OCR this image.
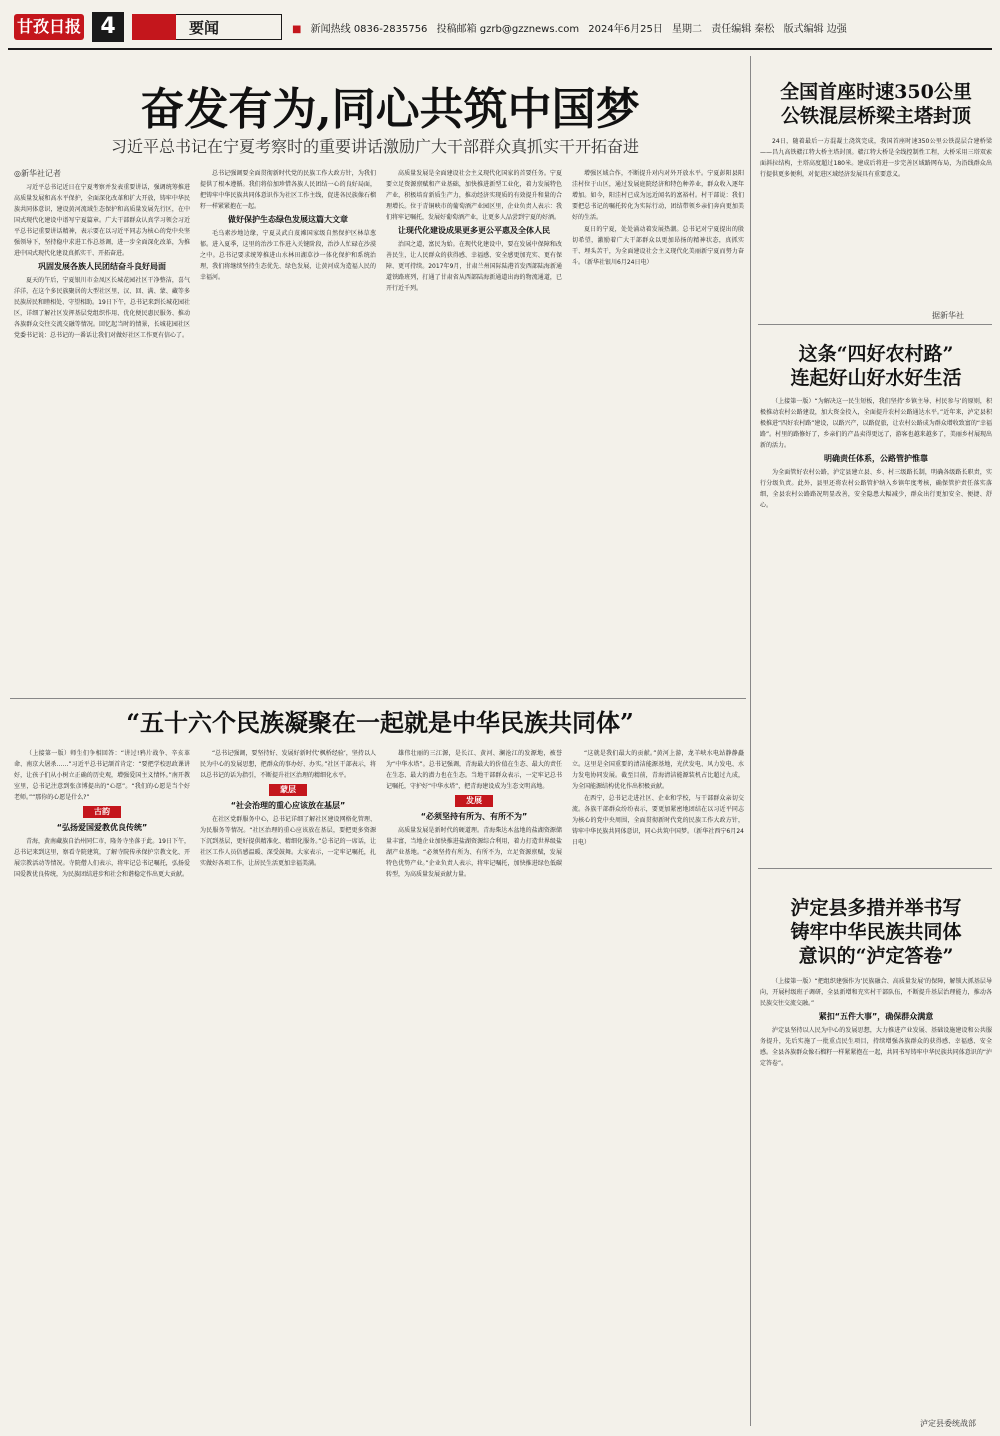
甘孜日报 4	要闻	■ 新闻热线 0836-2835756 投稿邮箱 gzrb@gzznews.com 2024年6月25日 星期二 责任编辑 秦松 版式编辑 边强
奋发有为,同心共筑中国梦
习近平总书记在宁夏考察时的重要讲话激励广大干部群众真抓实干开拓奋进
◎新华社记者

习近平总书记近日在宁夏考察并发表重要讲话，强调统筹推进高质量发展和高水平保护，全面深化改革和扩大开放，铸牢中华民族共同体意识，建设黄河流域生态保护和高质量发展先行区，在中国式现代化建设中谱写宁夏篇章。广大干部群众认真学习领会习近平总书记重要讲话精神，表示要在以习近平同志为核心的党中央坚强领导下，坚持稳中求进工作总基调，进一步全面深化改革，为推进中国式现代化建设真抓实干、开拓奋进。

巩固发展各族人民团结奋斗良好局面

夏天的午后，宁夏银川市金凤区长城花园社区干净整洁，喜气洋洋，在这个多民族聚居的大型社区里，汉、回、满、蒙、藏等多民族居民和睦相处、守望相助。19日下午，总书记来到长城花园社区，详细了解社区发挥基层党组织作用、优化便民惠民服务、推动各族群众交往交流交融等情况。回忆起当时的情景，长城花园社区党委书记说：总书记的一番话让我们对做好社区工作更有信心了。

总书记强调要全面贯彻新时代党的民族工作大政方针，为我们提供了根本遵循。我们将倍加珍惜各族人民团结一心的良好局面，把铸牢中华民族共同体意识作为社区工作主线，促进各民族像石榴籽一样紧紧抱在一起。

做好保护生态绿色发展这篇大文章

毛乌素沙地边缘，宁夏灵武白芨滩国家级自然保护区林草葱郁。进入夏季，这里的治沙工作进入关键阶段，治沙人忙碌在沙漠之中。总书记要求统筹推进山水林田湖草沙一体化保护和系统治理，我们将继续坚持生态优先、绿色发展，让黄河成为造福人民的幸福河。

高质量发展是全面建设社会主义现代化国家的首要任务。宁夏要立足资源禀赋和产业基础，加快推进新型工业化，着力发展特色产业，积极培育新质生产力，推动经济实现质的有效提升和量的合理增长。位于青铜峡市的葡萄酒产业园区里，企业负责人表示：我们将牢记嘱托，发展好葡萄酒产业，让更多人品尝到宁夏的好酒。

让现代化建设成果更多更公平惠及全体人民

治国之道，富民为始。在现代化建设中，要在发展中保障和改善民生，让人民群众的获得感、幸福感、安全感更加充实、更有保障、更可持续。2017年9月，甘肃兰州国际陆港首发西部陆海新通道铁路班列，打通了甘肃省从西部陆海新通道出海的物流通道，已开行近千列。

增强区域合作，不断提升对内对外开放水平。宁夏彭阳县阳洼村位于山区，通过发展庭院经济和特色种养业，群众收入逐年增加。如今，阳洼村已成为远近闻名的富裕村。村干部说：我们要把总书记的嘱托转化为实际行动，团结带领乡亲们奔向更加美好的生活。

夏日的宁夏，处处涌动着发展热潮。总书记对宁夏提出的殷切希望，激励着广大干部群众以更加昂扬的精神状态，真抓实干、埋头苦干，为全面建设社会主义现代化美丽新宁夏而努力奋斗。（新华社银川6月24日电）

全国首座时速350公里
公铁混层桥梁主塔封顶

24日，随着最后一方混凝土浇筑完成，我国首座时速350公里公铁混层合建桥梁——昌九高铁赣江特大桥主塔封顶。赣江特大桥是全线控制性工程，大桥采用三塔双索面斜拉结构，主塔高度超过180米。建成后将进一步完善区域路网布局，为沿线群众出行提供更多便利，对促进区域经济发展具有重要意义。

据新华社
这条“四好农村路”
连起好山好水好生活

（上接第一版）“为解决这一民生短板，我们坚持‘乡镇主导、村民参与’的原则，积极推动农村公路建设，加大资金投入，全面提升农村公路通达水平。”近年来，泸定县积极推进“四好农村路”建设，以路兴产，以路促旅，让农村公路成为群众增收致富的“幸福路”。村里的路修好了，乡亲们的产品卖得更远了，游客也越来越多了，美丽乡村展现出新的活力。

明确责任体系，公路管护惟靠

为全面管好农村公路，泸定县建立县、乡、村三级路长制，明确各级路长职责，实行分级负责。此外，县里还将农村公路管护纳入乡镇年度考核，确保管护责任落实落细，全县农村公路路况明显改善，安全隐患大幅减少，群众出行更加安全、便捷、舒心。

泸定县多措并举书写
铸牢中华民族共同体
意识的“泸定答卷”

（上接第一版）“把组织建强作为‘民族融合、高质量发展’的保障，解锁大抓基层导向，开展村级班子调研，全县新增和充实村干部队伍，不断提升基层治理能力，推动各民族交往交流交融。”

紧扣“五件大事”，确保群众满意

泸定县坚持以人民为中心的发展思想，大力推进产业发展、基础设施建设和公共服务提升，先后实施了一批重点民生项目，持续增强各族群众的获得感、幸福感、安全感。全县各族群众像石榴籽一样紧紧抱在一起，共同书写铸牢中华民族共同体意识的“泸定答卷”。

泸定县委统战部
“五十六个民族凝聚在一起就是中华民族共同体”

（上接第一版）师生们争相回答：“讲过!鸦片战争、辛亥革命、南京大屠杀……”习近平总书记颔首肯定：“要把学校思政课讲好，让孩子们从小树立正确的历史观，增强爱国主义情怀。”南开教室里，总书记注意到张彦博提出的“心愿”。“我们的心愿是当个好老师。”“那你的心愿是什么?”

古韵

“弘扬爱国爱教优良传统”

青海，黄南藏族自治州同仁市，隆务寺坐落于此。19日下午，总书记来到这里，察看寺院建筑，了解寺院传承保护宗教文化、开展宗教活动等情况。寺院僧人们表示，将牢记总书记嘱托，弘扬爱国爱教优良传统，为民族团结进步和社会和谐稳定作出更大贡献。

“总书记强调，要坚持好、发展好新时代‘枫桥经验’，坚持以人民为中心的发展思想，把群众的事办好、办实。”社区干部表示，将以总书记的话为指引，不断提升社区治理的精细化水平。

蒙层

“社会治理的重心应该放在基层”

在社区党群服务中心，总书记详细了解社区建设网格化管理、为民服务等情况。“社区治理的重心应该放在基层，要把更多资源下沉到基层，更好提供精准化、精细化服务。”总书记的一席话，让社区工作人员倍感温暖、深受鼓舞。大家表示，一定牢记嘱托，扎实做好各项工作，让居民生活更加幸福美满。

雄伟壮丽的三江源，是长江、黄河、澜沧江的发源地，被誉为“中华水塔”。总书记强调，青海最大的价值在生态、最大的责任在生态、最大的潜力也在生态。当地干部群众表示，一定牢记总书记嘱托，守护好“中华水塔”，把青海建设成为生态文明高地。

发展

“必须坚持有所为、有所不为”

高质量发展是新时代的硬道理。青海柴达木盆地的盐湖资源储量丰富，当地企业加快推进盐湖资源综合利用，着力打造世界级盐湖产业基地。“必须坚持有所为、有所不为，立足资源禀赋，发展特色优势产业。”企业负责人表示，将牢记嘱托，加快推进绿色低碳转型，为高质量发展贡献力量。

“这就是我们最大的贡献。”黄河上游，龙羊峡水电站静静矗立。这里是全国重要的清洁能源基地，光伏发电、风力发电、水力发电协同发展。截至目前，青海清洁能源装机占比超过九成，为全国能源结构优化作出积极贡献。

在西宁，总书记走进社区、企业和学校，与干部群众亲切交流。各族干部群众纷纷表示，要更加紧密地团结在以习近平同志为核心的党中央周围，全面贯彻新时代党的民族工作大政方针，铸牢中华民族共同体意识，同心共筑中国梦。（新华社西宁6月24日电）
